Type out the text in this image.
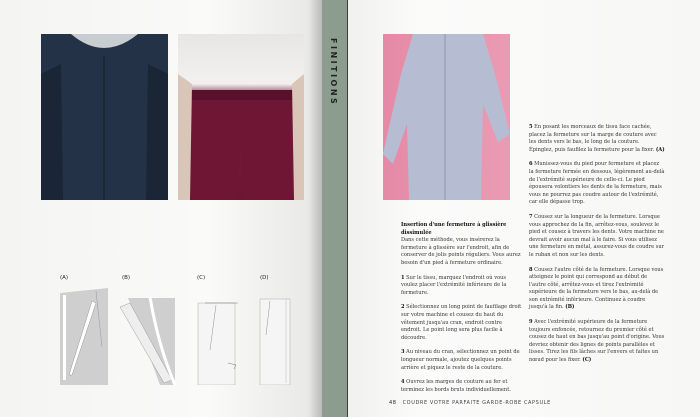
FINITIONS
(A)	(B)	(C)	(D)

Insertion d'une fermeture à glissière dissimulée
Dans cette méthode, vous insérerez la fermeture à glissière sur l'endroit, afin de conserver de jolis points réguliers. Vous aurez besoin d'un pied à fermeture ordinaire.

1 Sur le tissu, marquez l'endroit où vous voulez placer l'extrémité inférieure de la fermeture.

2 Sélectionnez un long point de faufilage droit sur votre machine et cousez du haut du vêtement jusqu'au cran, endroit contre endroit. Le point long sera plus facile à découdre.

3 Au niveau du cran, sélectionnez un point de longueur normale, ajoutez quelques points arrière et piquez le reste de la couture.

4 Ouvrez les marges de couture au fer et terminez les bords bruts individuellement.

5 En posant les morceaux de tissu face cachée, placez la fermeture sur la marge de couture avec les dents vers le bas, le long de la couture. Épinglez, puis faufilez la fermeture pour la fixer. (A)

6 Munissez-vous du pied pour fermeture et placez la fermeture fermée en dessous, légèrement au-delà de l'extrémité supérieure de celle-ci. Le pied épousera volontiers les dents de la fermeture, mais vous ne pourrez pas coudre autour de l'extrémité, car elle dépasse trop.

7 Cousez sur la longueur de la fermeture. Lorsque vous approchez de la fin, arrêtez-vous, soulevez le pied et cousez à travers les dents. Votre machine ne devrait avoir aucun mal à le faire. Si vous utilisez une fermeture en métal, assurez-vous de coudre sur le ruban et non sur les dents.

8 Cousez l'autre côté de la fermeture. Lorsque vous atteignez le point qui correspond au début de l'autre côté, arrêtez-vous et tirez l'extrémité supérieure de la fermeture vers le bas, au-delà de son extrémité inférieure. Continuez à coudre jusqu'à la fin. (B)

9 Avec l'extrémité supérieure de la fermeture toujours enfoncée, retournez du premier côté et cousez de haut en bas jusqu'au point d'origine. Vous devriez obtenir des lignes de points parallèles et lisses. Tirez les fils lâches sur l'envers et faites un nœud pour les fixer. (C)

48 COUDRE VOTRE PARFAITE GARDE-ROBE CAPSULE
